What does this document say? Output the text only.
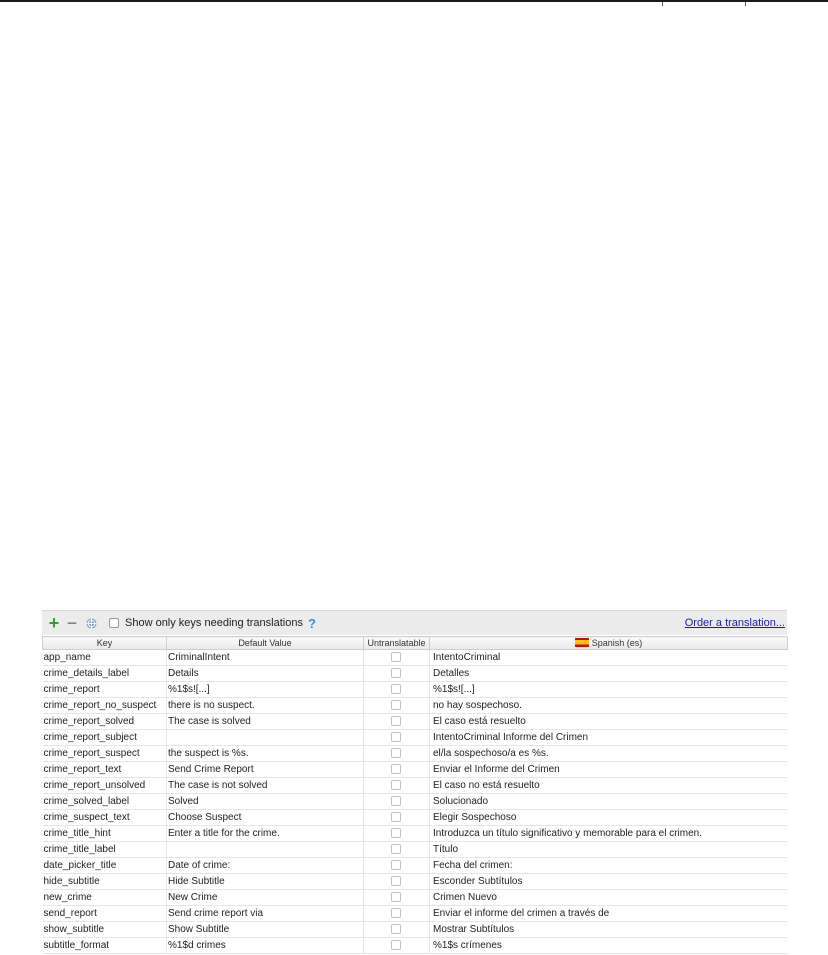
+ −	Show only keys needing translations ?	Order a translation...
Key	Default Value	Untranslatable	Spanish (es)
app_name	CriminalIntent		IntentoCriminal
crime_details_label	Details		Detalles
crime_report	%1$s![...]		%1$s![...]
crime_report_no_suspect	there is no suspect.		no hay sospechoso.
crime_report_solved	The case is solved		El caso está resuelto
crime_report_subject			IntentoCriminal Informe del Crimen
crime_report_suspect	the suspect is %s.		el/la sospechoso/a es %s.
crime_report_text	Send Crime Report		Enviar el Informe del Crimen
crime_report_unsolved	The case is not solved		El caso no está resuelto
crime_solved_label	Solved		Solucionado
crime_suspect_text	Choose Suspect		Elegir Sospechoso
crime_title_hint	Enter a title for the crime.		Introduzca un título significativo y memorable para el crimen.
crime_title_label			Título
date_picker_title	Date of crime:		Fecha del crimen:
hide_subtitle	Hide Subtitle		Esconder Subtítulos
new_crime	New Crime		Crimen Nuevo
send_report	Send crime report via		Enviar el informe del crimen a través de
show_subtitle	Show Subtitle		Mostrar Subtítulos
subtitle_format	%1$d crimes		%1$s crímenes
